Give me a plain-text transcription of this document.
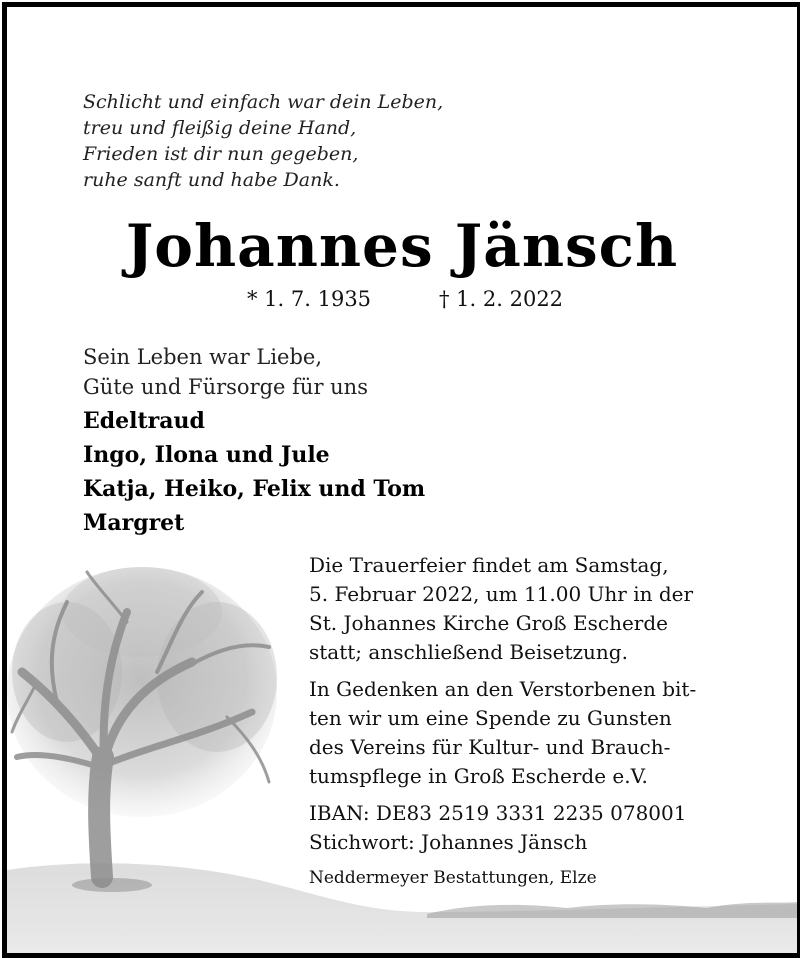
Schlicht und einfach war dein Leben,
treu und fleißig deine Hand,
Frieden ist dir nun gegeben,
ruhe sanft und habe Dank.
Johannes Jänsch
* 1. 7. 1935	† 1. 2. 2022
Sein Leben war Liebe,
Güte und Fürsorge für uns
Edeltraud
Ingo, Ilona und Jule
Katja, Heiko, Felix und Tom
Margret
Die Trauerfeier findet am Samstag,
5. Februar 2022, um 11.00 Uhr in der
St. Johannes Kirche Groß Escherde
statt; anschließend Beisetzung.
In Gedenken an den Verstorbenen bit-
ten wir um eine Spende zu Gunsten
des Vereins für Kultur- und Brauch-
tumspflege in Groß Escherde e.V.
IBAN: DE83 2519 3331 2235 078001
Stichwort: Johannes Jänsch
Neddermeyer Bestattungen, Elze
